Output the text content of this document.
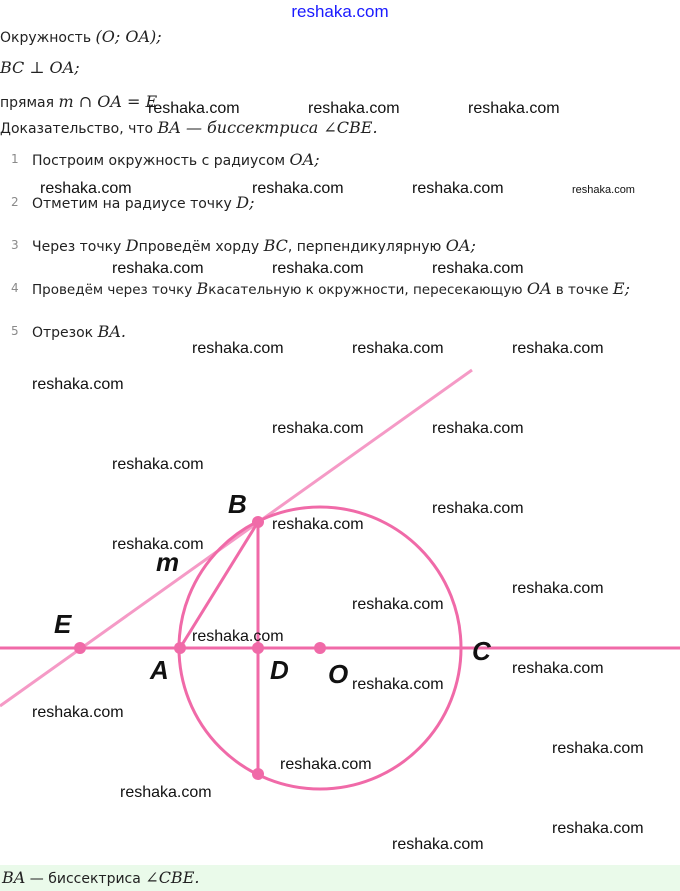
reshaka.com
Окружность (O; OA);
BC ⊥ OA;
прямая m ∩ OA = E
Доказательство, что BA — биссектриса ∠CBE.
1 Построим окружность с радиусом OA;
2 Отметим на радиусе точку D;
3 Через точку Dпроведём хорду BC, перпендикулярную OA;
4 Проведём через точку Bкасательную к окружности, пересекающую OA в точке E;
5 Отрезок BA.
B
m
E
A	D O
C
reshaka.com	reshaka.com	reshaka.com
reshaka.com	reshaka.com	reshaka.com	reshaka.com
reshaka.com	reshaka.com	reshaka.com
reshaka.com	reshaka.com	reshaka.com
reshaka.com
reshaka.com	reshaka.com
reshaka.com
reshaka.com
reshaka.com
reshaka.com
reshaka.com
reshaka.com
reshaka.com
reshaka.com
reshaka.com
reshaka.com
reshaka.com
reshaka.com
reshaka.com
reshaka.com
reshaka.com
BA — биссектриса ∠CBE.
